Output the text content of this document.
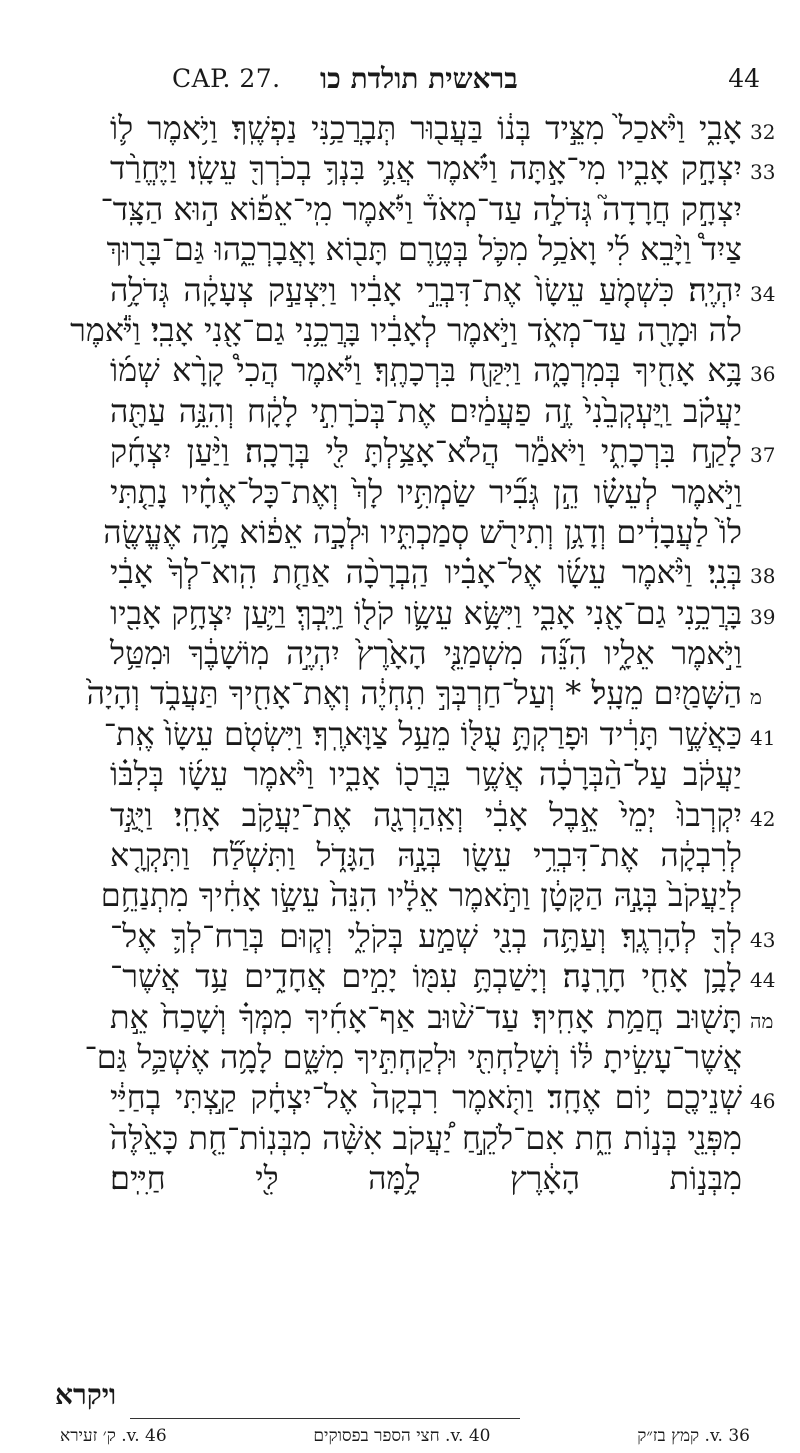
CAP. 27. בראשית תולדת כו	44
32
אָבִ֑י וַיֹּ֨אכַל֙ מִצֵּ֣יד בְּנ֔וֹ בַּעֲב֖וּר תְּבָרֲכַ֥נִּי נַפְשֶֽׁךָ׃ וַיֹּ֥אמֶר ל֛וֹ
33
יִצְחָ֣ק אָבִ֑יו מִי־אָ֣תָּה וַיֹּ֗אמֶר אֲנִ֛י בִּנְךָ֥ בְכֹרְךָ֖ עֵשָֽׂו׃ וַיֶּחֱרַ֨ד
יִצְחָ֣ק חֲרָדָה֮ גְּדֹלָ֣ה עַד־מְאֹד֒ וַיֹּ֡אמֶר מִֽי־אֵפ֡וֹא ה֣וּא הַצָּֽד־
צַיִד֩ וַיָּ֨בֵא לִ֜י וָאֹכַ֥ל מִכֹּ֛ל בְּטֶ֥רֶם תָּב֖וֹא וָאֲבָרְכֵ֑הוּ גַּם־בָּר֖וּךְ
34
יִהְיֶֽה׃ כִּשְׁמֹ֤עַ עֵשָׂו֙ אֶת־דִּבְרֵ֣י אָבִ֔יו וַיִּצְעַ֣ק צְעָקָ֔ה גְּדֹלָ֥ה
לה וּמָרָ֖ה עַד־מְאֹ֑ד וַיֹּ֣אמֶר לְאָבִ֔יו בָּרֲכֵ֥נִי גַם־אָ֖נִי אָבִֽי׃ וַיֹּ֕אמֶר
36
בָּ֥א אָחִ֖יךָ בְּמִרְמָ֑ה וַיִּקַּ֖ח בִּרְכָתֶֽךָ׃ וַיֹּ֡אמֶר הֲכִי֩ קָרָ֨א שְׁמ֜וֹ
יַעֲקֹ֗ב וַֽיַּעְקְבֵ֙נִי֙ זֶ֣ה פַעֲמַ֔יִם אֶת־בְּכֹרָתִ֣י לָקָ֔ח וְהִנֵּ֥ה עַתָּ֖ה
37
לָקַ֣ח בִּרְכָתִ֑י וַיֹּאמַ֕ר הֲלֹא־אָצַ֥לְתָּ לִּ֖י בְּרָכָֽה׃ וַיַּ֨עַן יִצְחָ֜ק
וַיֹּ֣אמֶר לְעֵשָׂ֗ו הֵ֣ן גְּבִ֞יר שַׂמְתִּ֥יו לָךְ֙ וְאֶת־כָּל־אֶחָ֗יו נָתַ֤תִּי
לוֹ֙ לַעֲבָדִ֔ים וְדָגָ֥ן וְתִירֹ֖שׁ סְמַכְתִּ֑יו וּלְכָ֣ה אֵפ֔וֹא מָ֥ה אֶעֱשֶׂ֖ה
38
בְּנִֽי׃ וַיֹּ֨אמֶר עֵשָׂ֜ו אֶל־אָבִ֗יו הַֽבְרָכָ֨ה אַחַ֤ת הִֽוא־לְךָ֙ אָבִ֔י
39
בָּרֲכֵ֥נִי גַם־אָ֖נִי אָבִ֑י וַיִּשָּׂ֥א עֵשָׂ֛ו קֹל֖וֹ וַיֵּֽבְךְּ׃ וַיַּ֛עַן יִצְחָ֥ק אָבִ֖יו
וַיֹּ֣אמֶר אֵלָ֑יו הִנֵּ֞ה מִשְׁמַנֵּ֤י הָאָ֙רֶץ֙ יִהְיֶ֣ה מֽוֹשָׁבֶ֔ךָ וּמִטַּ֥ל
מ
הַשָּׁמַ֖יִם מֵעָֽל׃ * וְעַל־חַרְבְּךָ֣ תִֽחְיֶ֔ה וְאֶת־אָחִ֖יךָ תַּעֲבֹ֑ד וְהָיָה֙
41
כַּאֲשֶׁ֣ר תָּרִ֔יד וּפָרַקְתָּ֥ עֻלּ֖וֹ מֵעַ֥ל צַוָּארֶֽךָ׃ וַיִּשְׂטֹ֤ם עֵשָׂו֙ אֶֽת־
יַעֲקֹ֔ב עַל־הַ֨בְּרָכָ֔ה אֲשֶׁ֥ר בֵּרֲכ֖וֹ אָבִ֑יו וַיֹּ֨אמֶר עֵשָׂ֜ו בְּלִבּ֗וֹ
42
יִקְרְבוּ֙ יְמֵי֙ אֵ֣בֶל אָבִ֔י וְאַֽהַרְגָ֖ה אֶת־יַעֲקֹ֥ב אָחִֽי׃ וַיֻּגַּ֣ד
לְרִבְקָ֔ה אֶת־דִּבְרֵ֥י עֵשָׂ֖ו בְּנָ֣הּ הַגָּדֹ֑ל וַתִּשְׁלַ֞ח וַתִּקְרָ֤א
לְיַעֲקֹב֙ בְּנָ֣הּ הַקָּטָ֔ן וַתֹּ֣אמֶר אֵלָ֔יו הִנֵּה֙ עֵשָׂ֣ו אָחִ֔יךָ מִתְנַחֵ֥ם
43
לְךָ֖ לְהָרְגֶֽךָ׃ וְעַתָּ֥ה בְנִ֖י שְׁמַ֣ע בְּקֹלִ֑י וְק֧וּם בְּרַח־לְךָ֛ אֶל־
44
לָבָ֥ן אָחִ֖י חָרָֽנָה׃ וְיָשַׁבְתָּ֥ עִמּ֖וֹ יָמִ֣ים אֲחָדִ֑ים עַ֥ד אֲשֶׁר־
מה
תָּשׁ֖וּב חֲמַ֥ת אָחִֽיךָ׃ עַד־שׁ֨וּב אַף־אָחִ֜יךָ מִמְּךָ֗ וְשָׁכַח֙ אֵ֣ת
אֲשֶׁר־עָשִׂ֣יתָ לּ֔וֹ וְשָׁלַחְתִּ֖י וּלְקַחְתִּ֣יךָ מִשָּׁ֑ם לָמָ֥ה אֶשְׁכַּ֛ל גַּם־
46
שְׁנֵיכֶ֖ם י֥וֹם אֶחָֽד׃ וַתֹּ֤אמֶר רִבְקָה֙ אֶל־יִצְחָ֔ק קַ֣צְתִּי בְחַיַּ֔י
מִפְּנֵ֖י בְּנ֣וֹת חֵ֑ת אִם־לֹקֵ֣חַ יַ֠עֲקֹב אִשָּׁ֨ה מִבְּנֽוֹת־חֵ֤ת כָּאֵ֙לֶּה֙
מִבְּנ֣וֹת הָאָ֔רֶץ לָ֥מָּה לִּ֖י חַיִּֽים׃
ויקרא
v. 36. קמץ בז״ק
v. 40. חצי הספר בפסוקים
v. 46. ק׳ זעירא
